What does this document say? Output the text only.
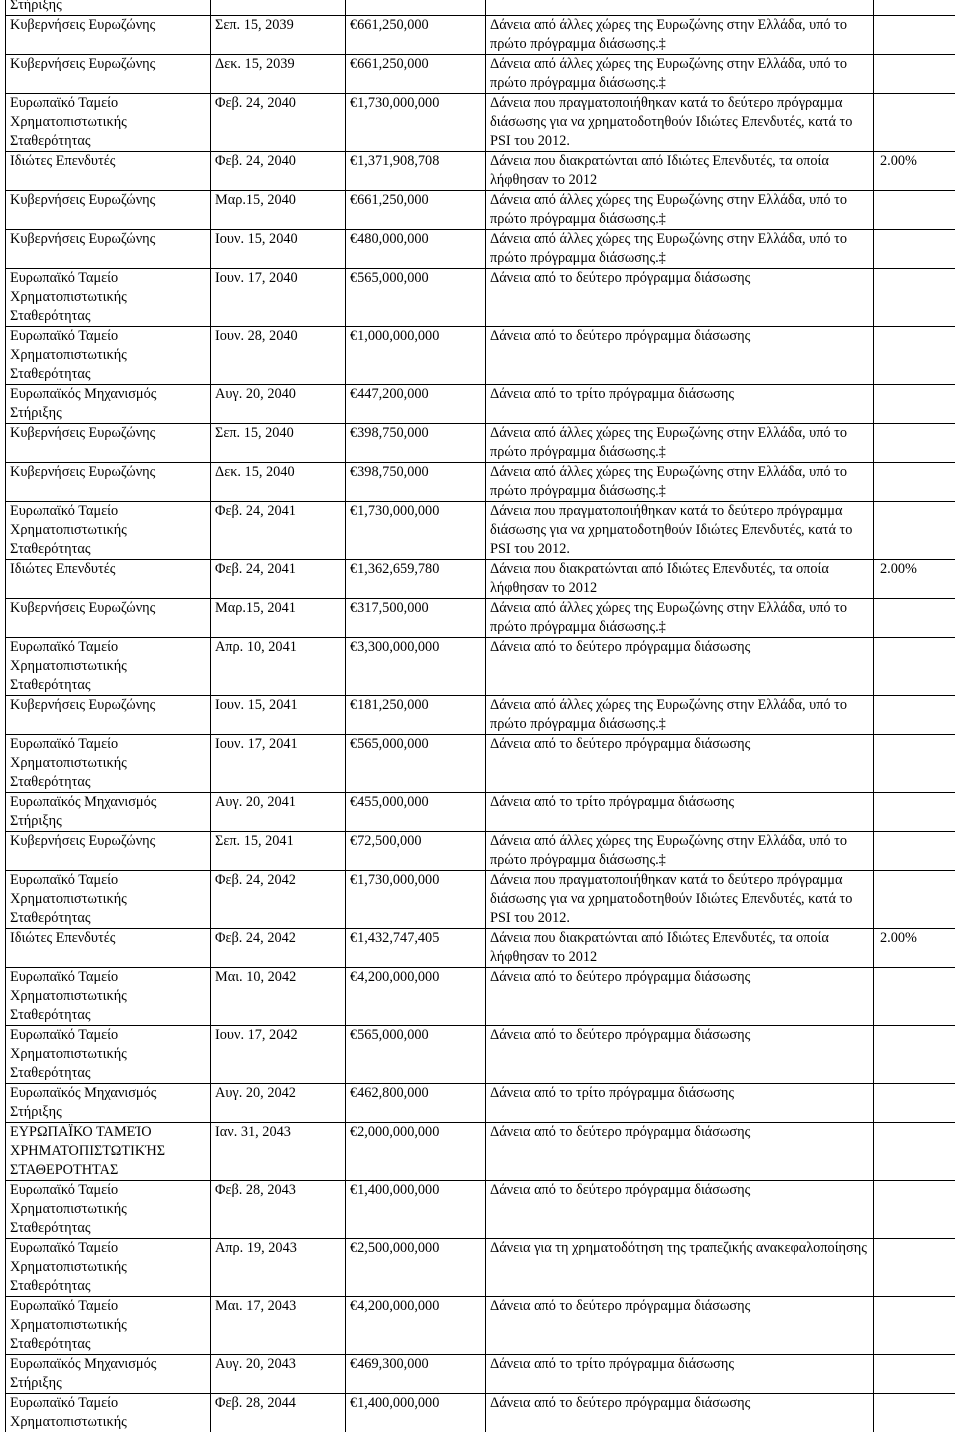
Στήριξης				
Κυβερνήσεις Ευρωζώνης	Σεπ. 15, 2039	€661,250,000	Δάνεια από άλλες χώρες της Ευρωζώνης στην Ελλάδα, υπό το πρώτο πρόγραμμα διάσωσης.‡	
Κυβερνήσεις Ευρωζώνης	Δεκ. 15, 2039	€661,250,000	Δάνεια από άλλες χώρες της Ευρωζώνης στην Ελλάδα, υπό το πρώτο πρόγραμμα διάσωσης.‡	
Ευρωπαϊκό Ταμείο Χρηματοπιστωτικής Σταθερότητας	Φεβ. 24, 2040	€1,730,000,000	Δάνεια που πραγματοποιήθηκαν κατά το δεύτερο πρόγραμμα διάσωσης για να χρηματοδοτηθούν Ιδιώτες Επενδυτές, κατά το PSI του 2012.	
Ιδιώτες Επενδυτές	Φεβ. 24, 2040	€1,371,908,708	Δάνεια που διακρατώνται από Ιδιώτες Επενδυτές, τα οποία λήφθησαν το 2012	2.00%
Κυβερνήσεις Ευρωζώνης	Μαρ.15, 2040	€661,250,000	Δάνεια από άλλες χώρες της Ευρωζώνης στην Ελλάδα, υπό το πρώτο πρόγραμμα διάσωσης.‡	
Κυβερνήσεις Ευρωζώνης	Ιουν. 15, 2040	€480,000,000	Δάνεια από άλλες χώρες της Ευρωζώνης στην Ελλάδα, υπό το πρώτο πρόγραμμα διάσωσης.‡	
Ευρωπαϊκό Ταμείο Χρηματοπιστωτικής Σταθερότητας	Ιουν. 17, 2040	€565,000,000	Δάνεια από το δεύτερο πρόγραμμα διάσωσης	
Ευρωπαϊκό Ταμείο Χρηματοπιστωτικής Σταθερότητας	Ιουν. 28, 2040	€1,000,000,000	Δάνεια από το δεύτερο πρόγραμμα διάσωσης	
Ευρωπαϊκός Μηχανισμός Στήριξης	Αυγ. 20, 2040	€447,200,000	Δάνεια από το τρίτο πρόγραμμα διάσωσης	
Κυβερνήσεις Ευρωζώνης	Σεπ. 15, 2040	€398,750,000	Δάνεια από άλλες χώρες της Ευρωζώνης στην Ελλάδα, υπό το πρώτο πρόγραμμα διάσωσης.‡	
Κυβερνήσεις Ευρωζώνης	Δεκ. 15, 2040	€398,750,000	Δάνεια από άλλες χώρες της Ευρωζώνης στην Ελλάδα, υπό το πρώτο πρόγραμμα διάσωσης.‡	
Ευρωπαϊκό Ταμείο Χρηματοπιστωτικής Σταθερότητας	Φεβ. 24, 2041	€1,730,000,000	Δάνεια που πραγματοποιήθηκαν κατά το δεύτερο πρόγραμμα διάσωσης για να χρηματοδοτηθούν Ιδιώτες Επενδυτές, κατά το PSI του 2012.	
Ιδιώτες Επενδυτές	Φεβ. 24, 2041	€1,362,659,780	Δάνεια που διακρατώνται από Ιδιώτες Επενδυτές, τα οποία λήφθησαν το 2012	2.00%
Κυβερνήσεις Ευρωζώνης	Μαρ.15, 2041	€317,500,000	Δάνεια από άλλες χώρες της Ευρωζώνης στην Ελλάδα, υπό το πρώτο πρόγραμμα διάσωσης.‡	
Ευρωπαϊκό Ταμείο Χρηματοπιστωτικής Σταθερότητας	Απρ. 10, 2041	€3,300,000,000	Δάνεια από το δεύτερο πρόγραμμα διάσωσης	
Κυβερνήσεις Ευρωζώνης	Ιουν. 15, 2041	€181,250,000	Δάνεια από άλλες χώρες της Ευρωζώνης στην Ελλάδα, υπό το πρώτο πρόγραμμα διάσωσης.‡	
Ευρωπαϊκό Ταμείο Χρηματοπιστωτικής Σταθερότητας	Ιουν. 17, 2041	€565,000,000	Δάνεια από το δεύτερο πρόγραμμα διάσωσης	
Ευρωπαϊκός Μηχανισμός Στήριξης	Αυγ. 20, 2041	€455,000,000	Δάνεια από το τρίτο πρόγραμμα διάσωσης	
Κυβερνήσεις Ευρωζώνης	Σεπ. 15, 2041	€72,500,000	Δάνεια από άλλες χώρες της Ευρωζώνης στην Ελλάδα, υπό το πρώτο πρόγραμμα διάσωσης.‡	
Ευρωπαϊκό Ταμείο Χρηματοπιστωτικής Σταθερότητας	Φεβ. 24, 2042	€1,730,000,000	Δάνεια που πραγματοποιήθηκαν κατά το δεύτερο πρόγραμμα διάσωσης για να χρηματοδοτηθούν Ιδιώτες Επενδυτές, κατά το PSI του 2012.	
Ιδιώτες Επενδυτές	Φεβ. 24, 2042	€1,432,747,405	Δάνεια που διακρατώνται από Ιδιώτες Επενδυτές, τα οποία λήφθησαν το 2012	2.00%
Ευρωπαϊκό Ταμείο Χρηματοπιστωτικής Σταθερότητας	Μαι. 10, 2042	€4,200,000,000	Δάνεια από το δεύτερο πρόγραμμα διάσωσης	
Ευρωπαϊκό Ταμείο Χρηματοπιστωτικής Σταθερότητας	Ιουν. 17, 2042	€565,000,000	Δάνεια από το δεύτερο πρόγραμμα διάσωσης	
Ευρωπαϊκός Μηχανισμός Στήριξης	Αυγ. 20, 2042	€462,800,000	Δάνεια από το τρίτο πρόγραμμα διάσωσης	
ΕΥΡΩΠΑΪΚΟ ΤΑΜΕΊΟ ΧΡΗΜΑΤΟΠΙΣΤΩΤΙΚΉΣ ΣΤΑΘΕΡΟΤΗΤΑΣ	Ιαν. 31, 2043	€2,000,000,000	Δάνεια από το δεύτερο πρόγραμμα διάσωσης	
Ευρωπαϊκό Ταμείο Χρηματοπιστωτικής Σταθερότητας	Φεβ. 28, 2043	€1,400,000,000	Δάνεια από το δεύτερο πρόγραμμα διάσωσης	
Ευρωπαϊκό Ταμείο Χρηματοπιστωτικής Σταθερότητας	Απρ. 19, 2043	€2,500,000,000	Δάνεια για τη χρηματοδότηση της τραπεζικής ανακεφαλοποίησης	
Ευρωπαϊκό Ταμείο Χρηματοπιστωτικής Σταθερότητας	Μαι. 17, 2043	€4,200,000,000	Δάνεια από το δεύτερο πρόγραμμα διάσωσης	
Ευρωπαϊκός Μηχανισμός Στήριξης	Αυγ. 20, 2043	€469,300,000	Δάνεια από το τρίτο πρόγραμμα διάσωσης	
Ευρωπαϊκό Ταμείο Χρηματοπιστωτικής	Φεβ. 28, 2044	€1,400,000,000	Δάνεια από το δεύτερο πρόγραμμα διάσωσης	
